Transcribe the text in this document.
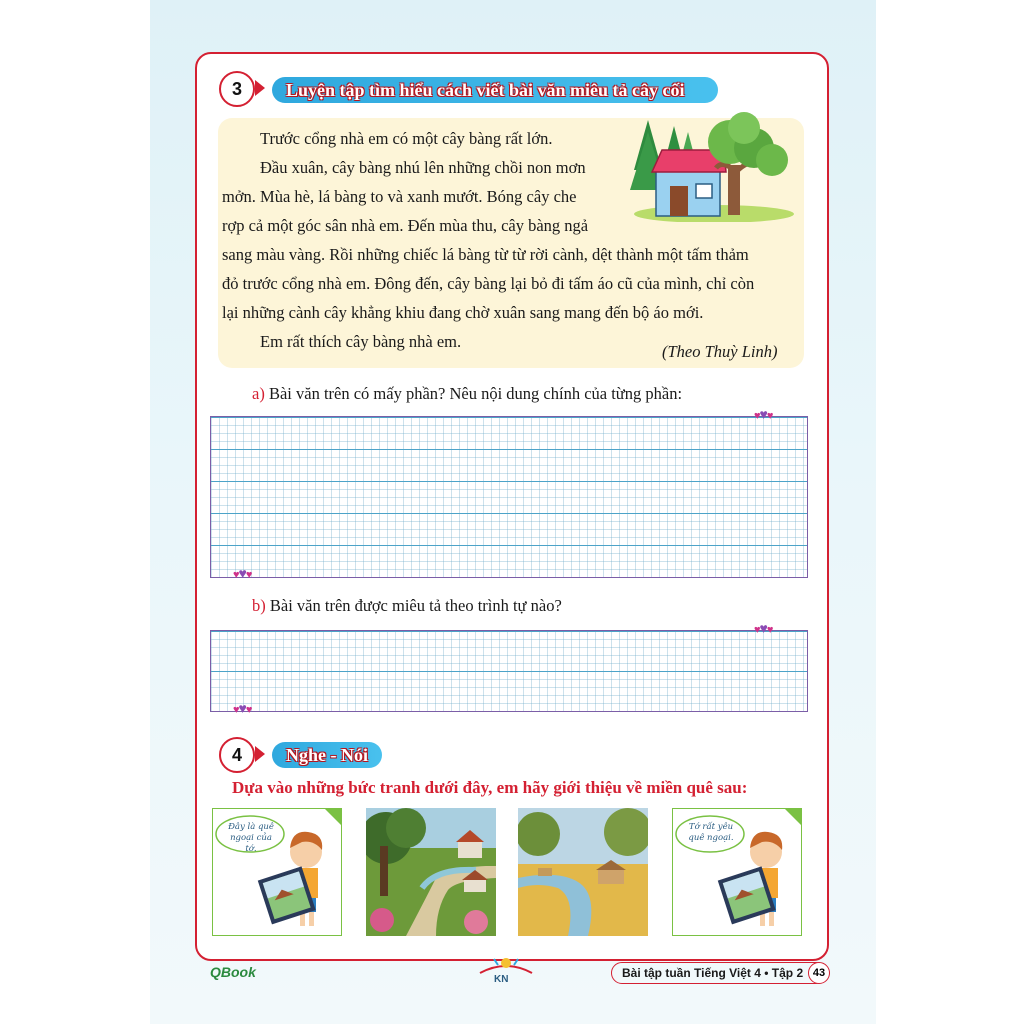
3	Luyện tập tìm hiểu cách viết bài văn miêu tả cây cối
Trước cổng nhà em có một cây bàng rất lớn.
Đầu xuân, cây bàng nhú lên những chồi non mơn
mởn. Mùa hè, lá bàng to và xanh mướt. Bóng cây che
rợp cả một góc sân nhà em. Đến mùa thu, cây bàng ngả
sang màu vàng. Rồi những chiếc lá bàng từ từ rời cành, dệt thành một tấm thảm
đỏ trước cổng nhà em. Đông đến, cây bàng lại bỏ đi tấm áo cũ của mình, chỉ còn
lại những cành cây khẳng khiu đang chờ xuân sang mang đến bộ áo mới.
Em rất thích cây bàng nhà em.
(Theo Thuỳ Linh)
a) Bài văn trên có mấy phần? Nêu nội dung chính của từng phần:
♥♥♥
♥♥♥
b) Bài văn trên được miêu tả theo trình tự nào?
♥♥♥
♥♥♥
4	Nghe - Nói
Dựa vào những bức tranh dưới đây, em hãy giới thiệu về miền quê sau:
Đây là quê
ngoại của tớ.
Tớ rất yêu
quê ngoại.
QBook	KN	Bài tập tuần Tiếng Việt 4 • Tập 2 43
